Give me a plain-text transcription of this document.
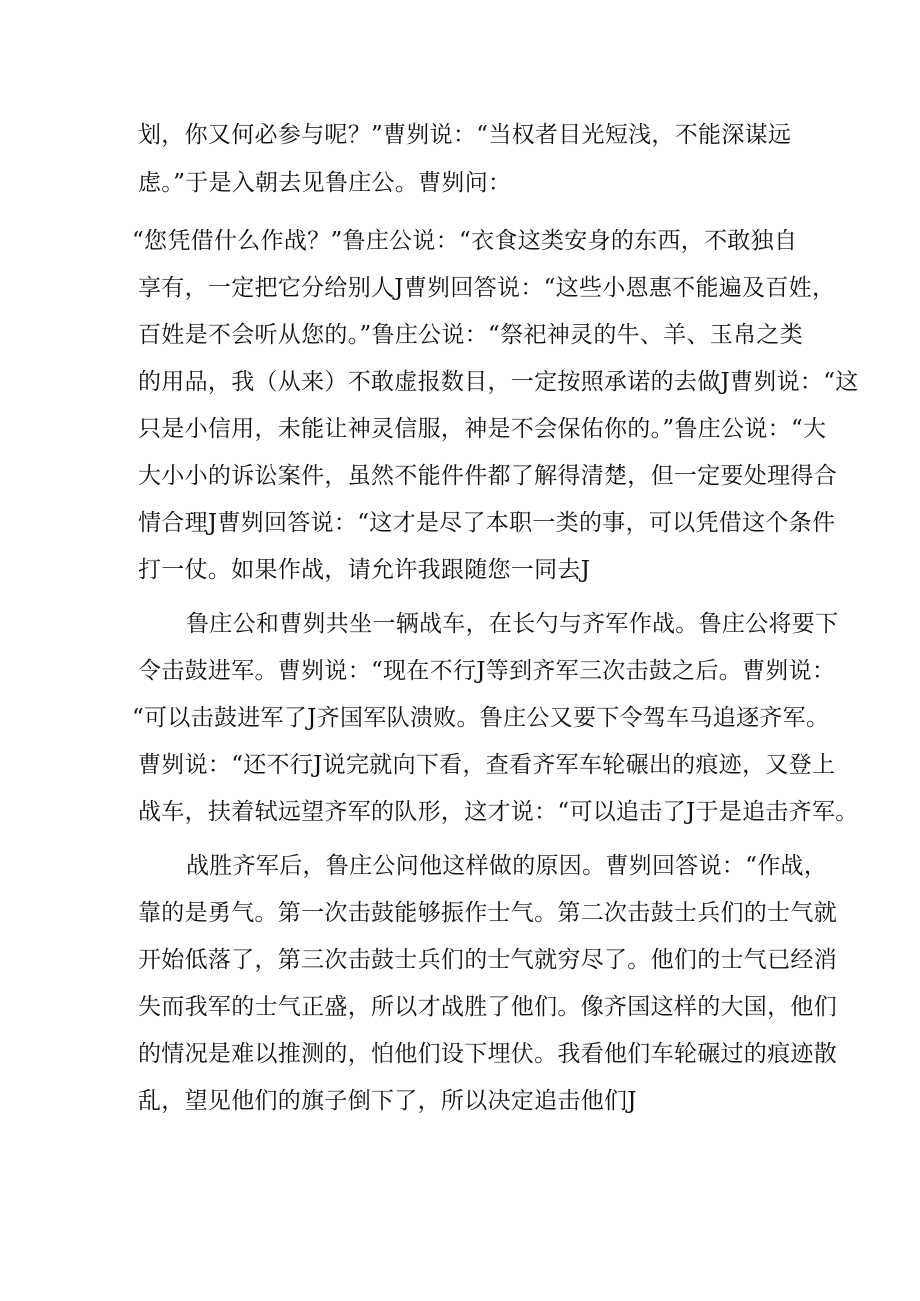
划，你又何必参与呢？”曹刿说：“当权者目光短浅，不能深谋远
虑。”于是入朝去见鲁庄公。曹刿问：
“您凭借什么作战？”鲁庄公说：“衣食这类安身的东西，不敢独自
享有，一定把它分给别人J曹刿回答说：“这些小恩惠不能遍及百姓，
百姓是不会听从您的。”鲁庄公说：“祭祀神灵的牛、羊、玉帛之类
的用品，我（从来）不敢虚报数目，一定按照承诺的去做J曹刿说：“这
只是小信用，未能让神灵信服，神是不会保佑你的。”鲁庄公说：“大
大小小的诉讼案件，虽然不能件件都了解得清楚，但一定要处理得合
情合理J曹刿回答说：“这才是尽了本职一类的事，可以凭借这个条件
打一仗。如果作战，请允许我跟随您一同去J
鲁庄公和曹刿共坐一辆战车，在长勺与齐军作战。鲁庄公将要下
令击鼓进军。曹刿说：“现在不行J等到齐军三次击鼓之后。曹刿说：
“可以击鼓进军了J齐国军队溃败。鲁庄公又要下令驾车马追逐齐军。
曹刿说：“还不行J说完就向下看，查看齐军车轮碾出的痕迹，又登上
战车，扶着轼远望齐军的队形，这才说：“可以追击了J于是追击齐军。
战胜齐军后，鲁庄公问他这样做的原因。曹刿回答说：“作战，
靠的是勇气。第一次击鼓能够振作士气。第二次击鼓士兵们的士气就
开始低落了，第三次击鼓士兵们的士气就穷尽了。他们的士气已经消
失而我军的士气正盛，所以才战胜了他们。像齐国这样的大国，他们
的情况是难以推测的，怕他们设下埋伏。我看他们车轮碾过的痕迹散
乱，望见他们的旗子倒下了，所以决定追击他们J
